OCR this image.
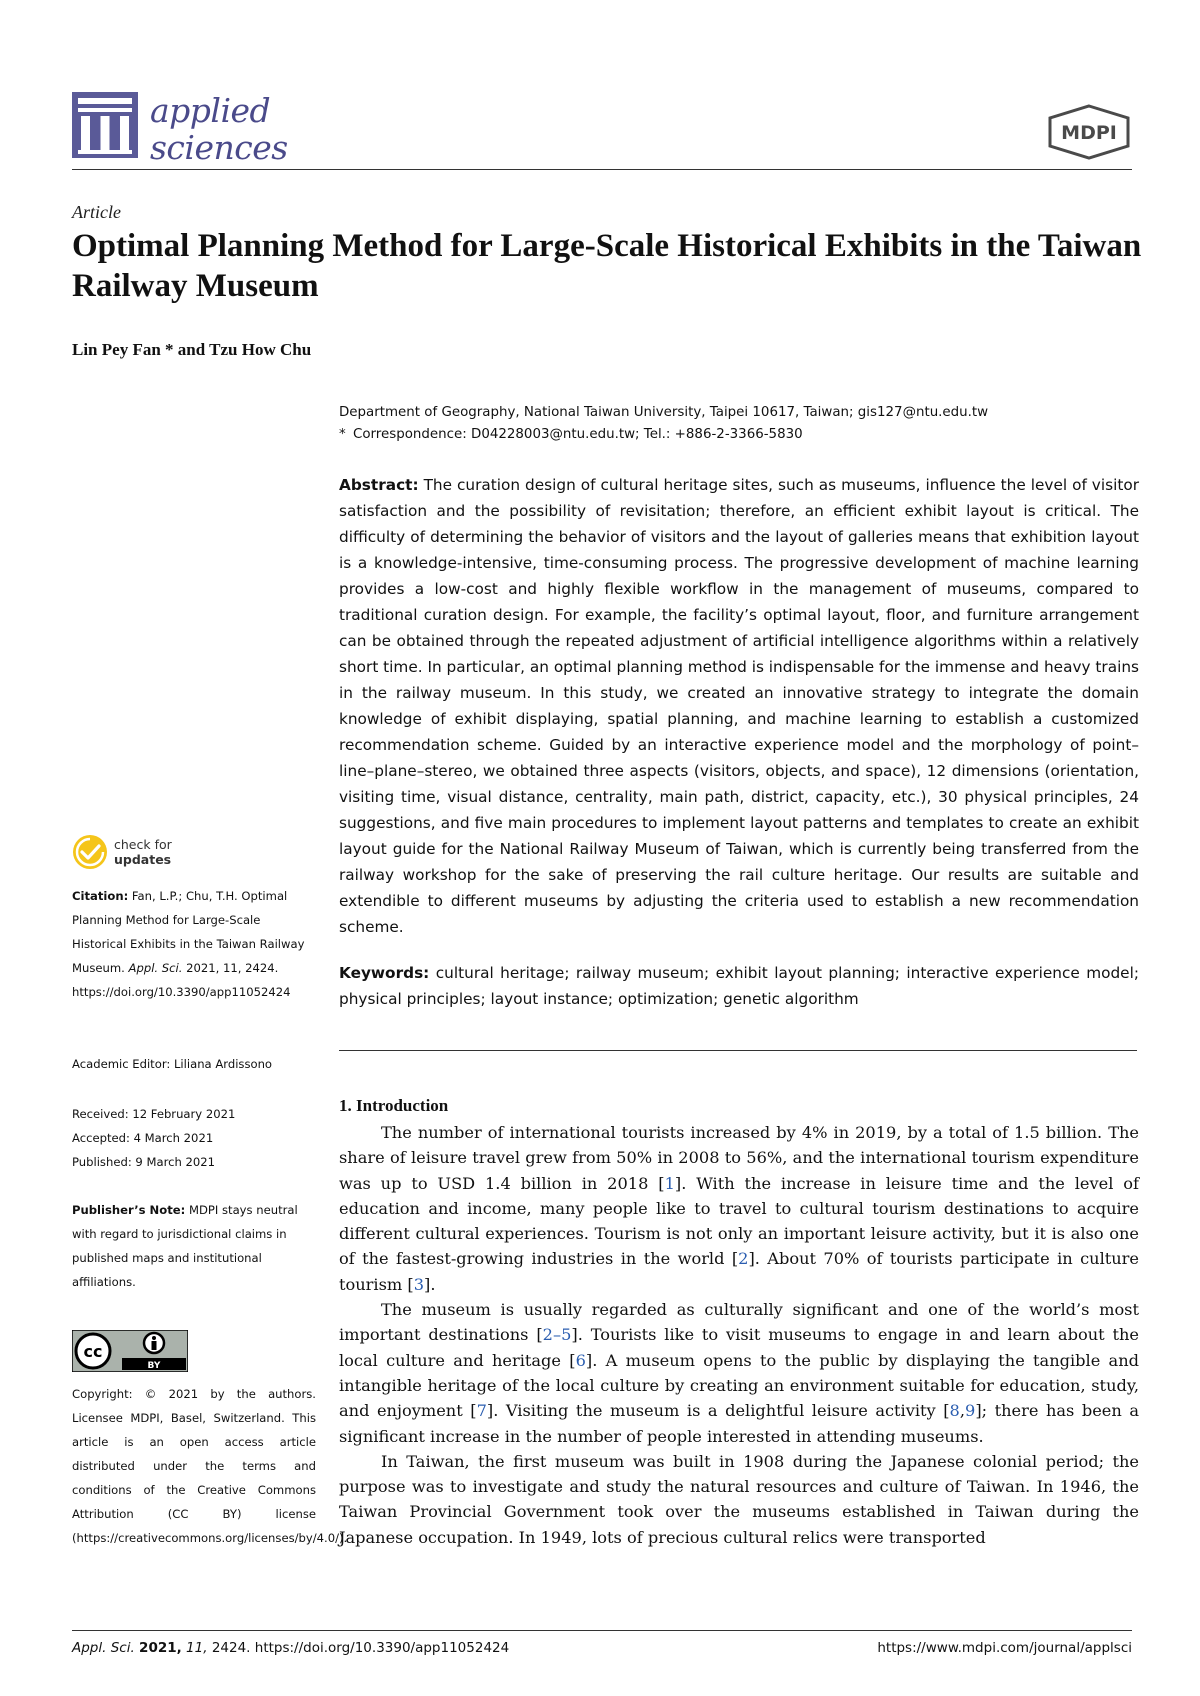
applied
sciences	MDPI
Article
Optimal Planning Method for Large-Scale Historical Exhibits in the Taiwan Railway Museum
Lin Pey Fan * and Tzu How Chu
Department of Geography, National Taiwan University, Taipei 10617, Taiwan; gis127@ntu.edu.tw
* Correspondence: D04228003@ntu.edu.tw; Tel.: +886-2-3366-5830
Abstract: The curation design of cultural heritage sites, such as museums, influence the level of visitor satisfaction and the possibility of revisitation; therefore, an efficient exhibit layout is critical. The difficulty of determining the behavior of visitors and the layout of galleries means that exhibition layout is a knowledge-intensive, time-consuming process. The progressive development of machine learning provides a low-cost and highly flexible workflow in the management of museums, compared to traditional curation design. For example, the facility’s optimal layout, floor, and furniture arrangement can be obtained through the repeated adjustment of artificial intelligence algorithms within a relatively short time. In particular, an optimal planning method is indispensable for the immense and heavy trains in the railway museum. In this study, we created an innovative strategy to integrate the domain knowledge of exhibit displaying, spatial planning, and machine learning to establish a customized recommendation scheme. Guided by an interactive experience model and the morphology of point–line–plane–stereo, we obtained three aspects (visitors, objects, and space), 12 dimensions (orientation, visiting time, visual distance, centrality, main path, district, capacity, etc.), 30 physical principles, 24 suggestions, and five main procedures to implement layout patterns and templates to create an exhibit layout guide for the National Railway Museum of Taiwan, which is currently being transferred from the railway workshop for the sake of preserving the rail culture heritage. Our results are suitable and extendible to different museums by adjusting the criteria used to establish a new recommendation scheme.
Keywords: cultural heritage; railway museum; exhibit layout planning; interactive experience model; physical principles; layout instance; optimization; genetic algorithm
check for
updates
Citation: Fan, L.P.; Chu, T.H. Optimal Planning Method for Large-Scale Historical Exhibits in the Taiwan Railway Museum. Appl. Sci. 2021, 11, 2424. https://doi.org/10.3390/app11052424
Academic Editor: Liliana Ardissono
Received: 12 February 2021
Accepted: 4 March 2021
Published: 9 March 2021
Publisher’s Note: MDPI stays neutral with regard to jurisdictional claims in published maps and institutional affiliations.
cc
BY
Copyright: © 2021 by the authors. Licensee MDPI, Basel, Switzerland. This article is an open access article distributed under the terms and conditions of the Creative Commons Attribution (CC BY) license (https://creativecommons.org/licenses/by/4.0/).
1. Introduction

The number of international tourists increased by 4% in 2019, by a total of 1.5 billion. The share of leisure travel grew from 50% in 2008 to 56%, and the international tourism expenditure was up to USD 1.4 billion in 2018 [1]. With the increase in leisure time and the level of education and income, many people like to travel to cultural tourism destinations to acquire different cultural experiences. Tourism is not only an important leisure activity, but it is also one of the fastest-growing industries in the world [2]. About 70% of tourists participate in culture tourism [3].

The museum is usually regarded as culturally significant and one of the world’s most important destinations [2–5]. Tourists like to visit museums to engage in and learn about the local culture and heritage [6]. A museum opens to the public by displaying the tangible and intangible heritage of the local culture by creating an environment suitable for education, study, and enjoyment [7]. Visiting the museum is a delightful leisure activity [8,9]; there has been a significant increase in the number of people interested in attending museums.

In Taiwan, the first museum was built in 1908 during the Japanese colonial period; the purpose was to investigate and study the natural resources and culture of Taiwan. In 1946, the Taiwan Provincial Government took over the museums established in Taiwan during the Japanese occupation. In 1949, lots of precious cultural relics were transported

Appl. Sci. 2021, 11, 2424. https://doi.org/10.3390/app11052424	https://www.mdpi.com/journal/applsci
